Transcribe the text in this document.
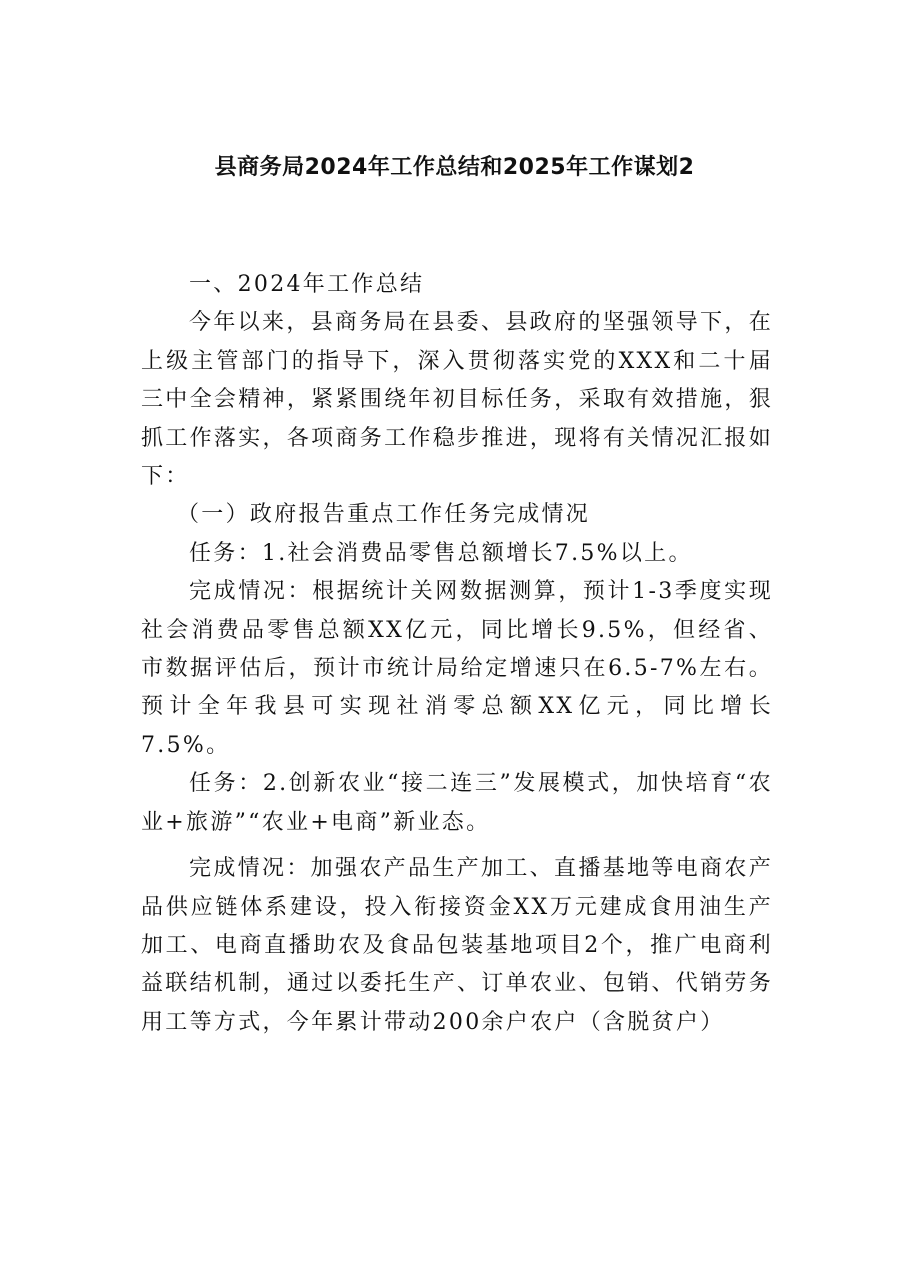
县商务局2024年工作总结和2025年工作谋划2

一、2024年工作总结

今年以来，县商务局在县委、县政府的坚强领导下，在上级主管部门的指导下，深入贯彻落实党的XXX和二十届三中全会精神，紧紧围绕年初目标任务，采取有效措施，狠抓工作落实，各项商务工作稳步推进，现将有关情况汇报如下：

（一）政府报告重点工作任务完成情况

任务：1.社会消费品零售总额增长7.5%以上。

完成情况：根据统计关网数据测算，预计1-3季度实现社会消费品零售总额XX亿元，同比增长9.5%，但经省、市数据评估后，预计市统计局给定增速只在6.5-7%左右。预计全年我县可实现社消零总额XX亿元，同比增长7.5%。

任务：2.创新农业“接二连三”发展模式，加快培育“农业+旅游”“农业+电商”新业态。

完成情况：加强农产品生产加工、直播基地等电商农产品供应链体系建设，投入衔接资金XX万元建成食用油生产加工、电商直播助农及食品包装基地项目2个，推广电商利益联结机制，通过以委托生产、订单农业、包销、代销劳务用工等方式，今年累计带动200余户农户（含脱贫户）
